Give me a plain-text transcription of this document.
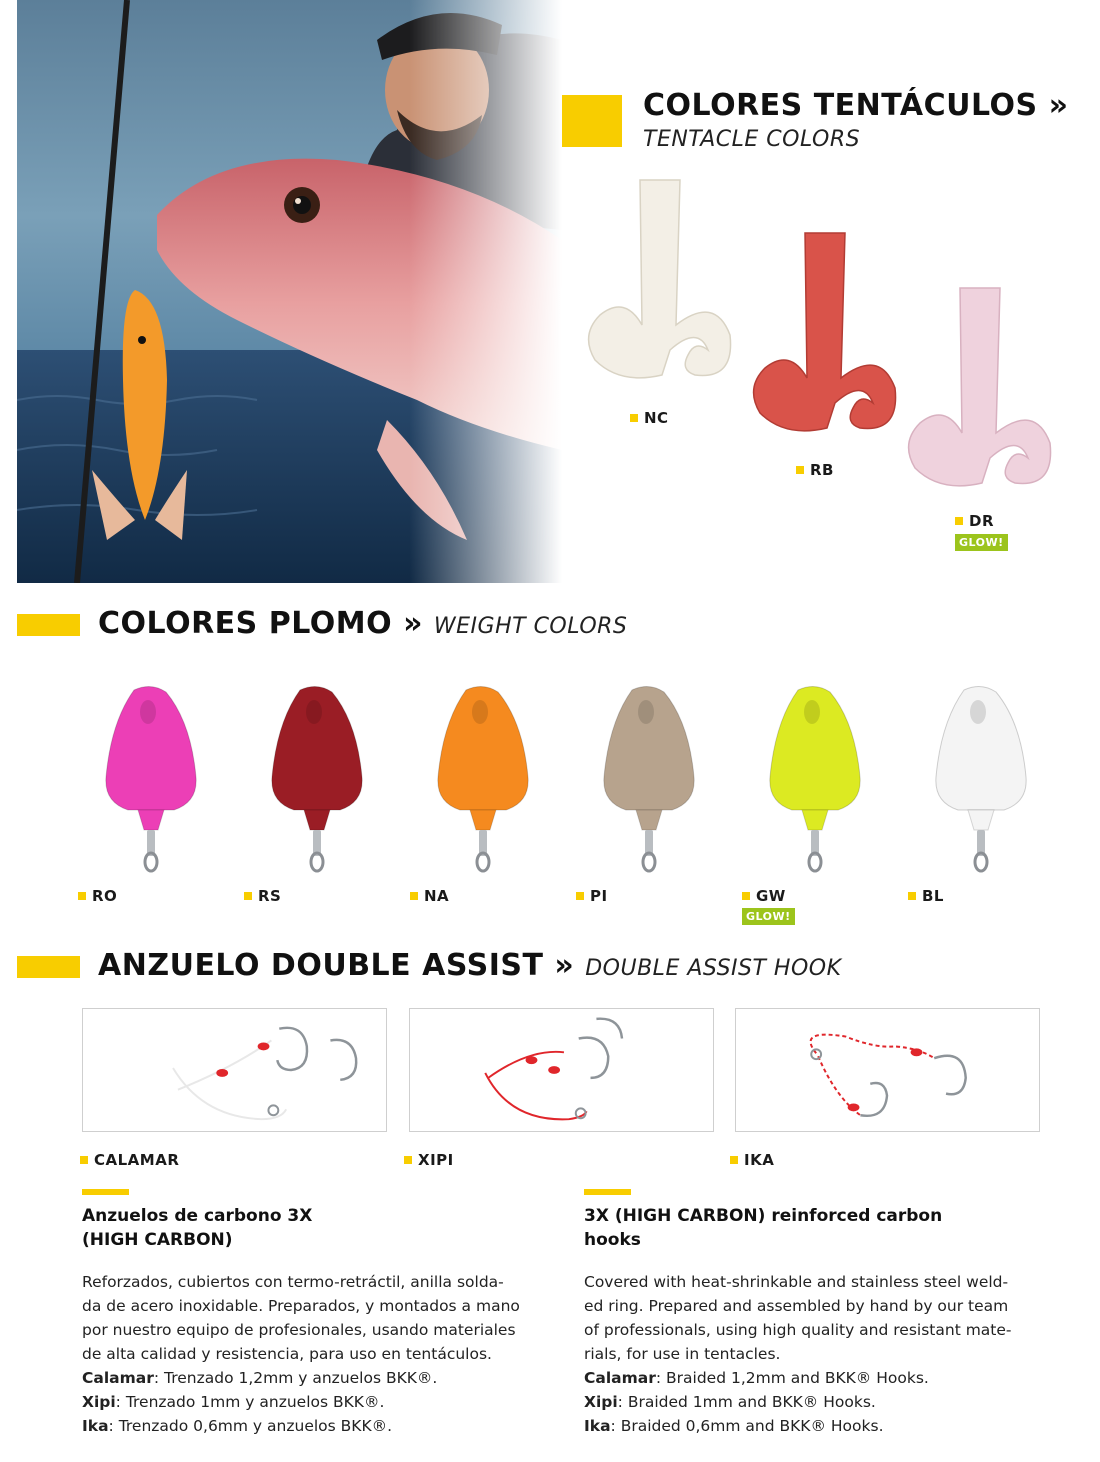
COLORES TENTÁCULOS »
TENTACLE COLORS
NC
RB
DR
GLOW!
COLORES PLOMO » WEIGHT COLORS
RO	RS	NA	PI	GW
GLOW!
BL
ANZUELO DOUBLE ASSIST » DOUBLE ASSIST HOOK
CALAMAR	XIPI	IKA
Anzuelos de carbono 3X
(HIGH CARBON)
Reforzados, cubiertos con termo-retráctil, anilla solda-
da de acero inoxidable. Preparados, y montados a mano
por nuestro equipo de profesionales, usando materiales
de alta calidad y resistencia, para uso en tentáculos.
Calamar: Trenzado 1,2mm y anzuelos BKK®.
Xipi: Trenzado 1mm y anzuelos BKK®.
Ika: Trenzado 0,6mm y anzuelos BKK®.
3X (HIGH CARBON) reinforced carbon
hooks
Covered with heat-shrinkable and stainless steel weld-
ed ring. Prepared and assembled by hand by our team
of professionals, using high quality and resistant mate-
rials, for use in tentacles.
Calamar: Braided 1,2mm and BKK® Hooks.
Xipi: Braided 1mm and BKK® Hooks.
Ika: Braided 0,6mm and BKK® Hooks.
